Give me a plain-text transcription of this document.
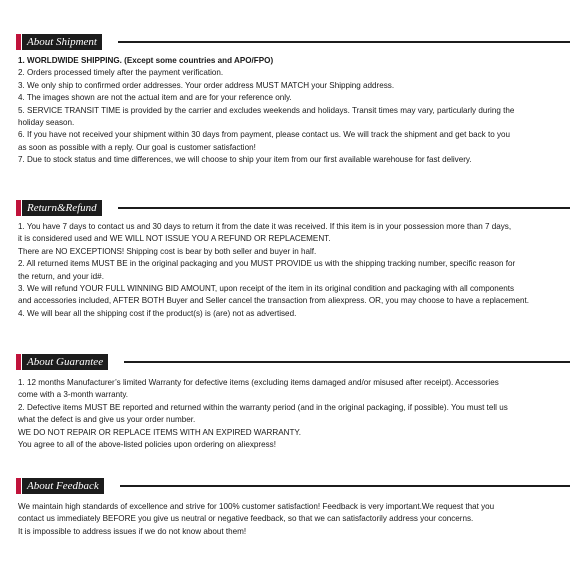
About Shipment

1. WORLDWIDE SHIPPING. (Except some countries and APO/FPO)

2. Orders processed timely after the payment verification.

3. We only ship to confirmed order addresses. Your order address MUST MATCH your Shipping address.

4. The images shown are not the actual item and are for your reference only.

5. SERVICE TRANSIT TIME is provided by the carrier and excludes weekends and holidays. Transit times may vary, particularly during the

holiday season.

6. If you have not received your shipment within 30 days from payment, please contact us. We will track the shipment and get back to you

as soon as possible with a reply. Our goal is customer satisfaction!

7. Due to stock status and time differences, we will choose to ship your item from our first available warehouse for fast delivery.

Return&Refund

1. You have 7 days to contact us and 30 days to return it from the date it was received. If this item is in your possession more than 7 days,

it is considered used and WE WILL NOT ISSUE YOU A REFUND OR REPLACEMENT.

There are NO EXCEPTIONS! Shipping cost is bear by both seller and buyer in half.

2. All returned items MUST BE in the original packaging and you MUST PROVIDE us with the shipping tracking number, specific reason for

the return, and your id#.

3. We will refund YOUR FULL WINNING BID AMOUNT, upon receipt of the item in its original condition and packaging with all components

and accessories included, AFTER BOTH Buyer and Seller cancel the transaction from aliexpress. OR, you may choose to have a replacement.

4. We will bear all the shipping cost if the product(s) is (are) not as advertised.

About Guarantee

1. 12 months Manufacturer’s limited Warranty for defective items (excluding items damaged and/or misused after receipt). Accessories

come with a 3-month warranty.

2. Defective items MUST BE reported and returned within the warranty period (and in the original packaging, if possible). You must tell us

what the defect is and give us your order number.

WE DO NOT REPAIR OR REPLACE ITEMS WITH AN EXPIRED WARRANTY.

You agree to all of the above-listed policies upon ordering on aliexpress!

About Feedback

We maintain high standards of excellence and strive for 100% customer satisfaction! Feedback is very important.We request that you

contact us immediately BEFORE you give us neutral or negative feedback, so that we can satisfactorily address your concerns.

It is impossible to address issues if we do not know about them!
